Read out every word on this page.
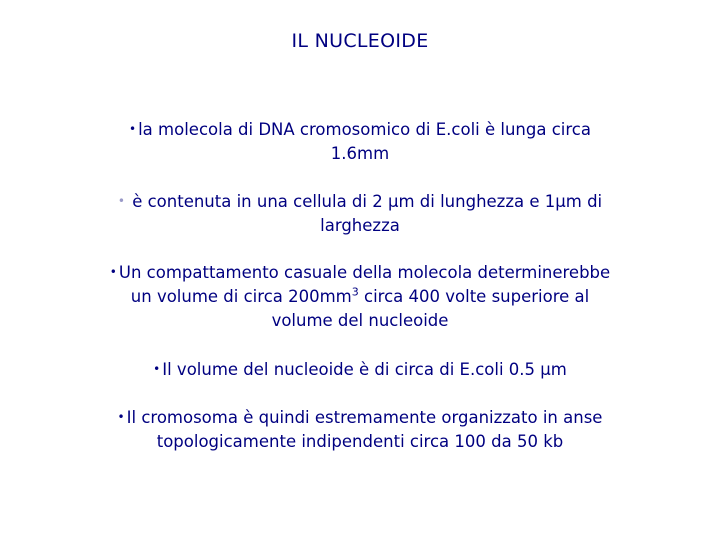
IL NUCLEOIDE
• la molecola di DNA cromosomico di E.coli è lunga circa
1.6mm
• è contenuta in una cellula di 2 μm di lunghezza e 1μm di
larghezza
• Un compattamento casuale della molecola determinerebbe
un volume di circa $200mm^3$ circa 400 volte superiore al
volume del nucleoide
• Il volume del nucleoide è di circa di E.coli 0.5 μm
• Il cromosoma è quindi estremamente organizzato in anse
topologicamente indipendenti circa 100 da 50 kb
